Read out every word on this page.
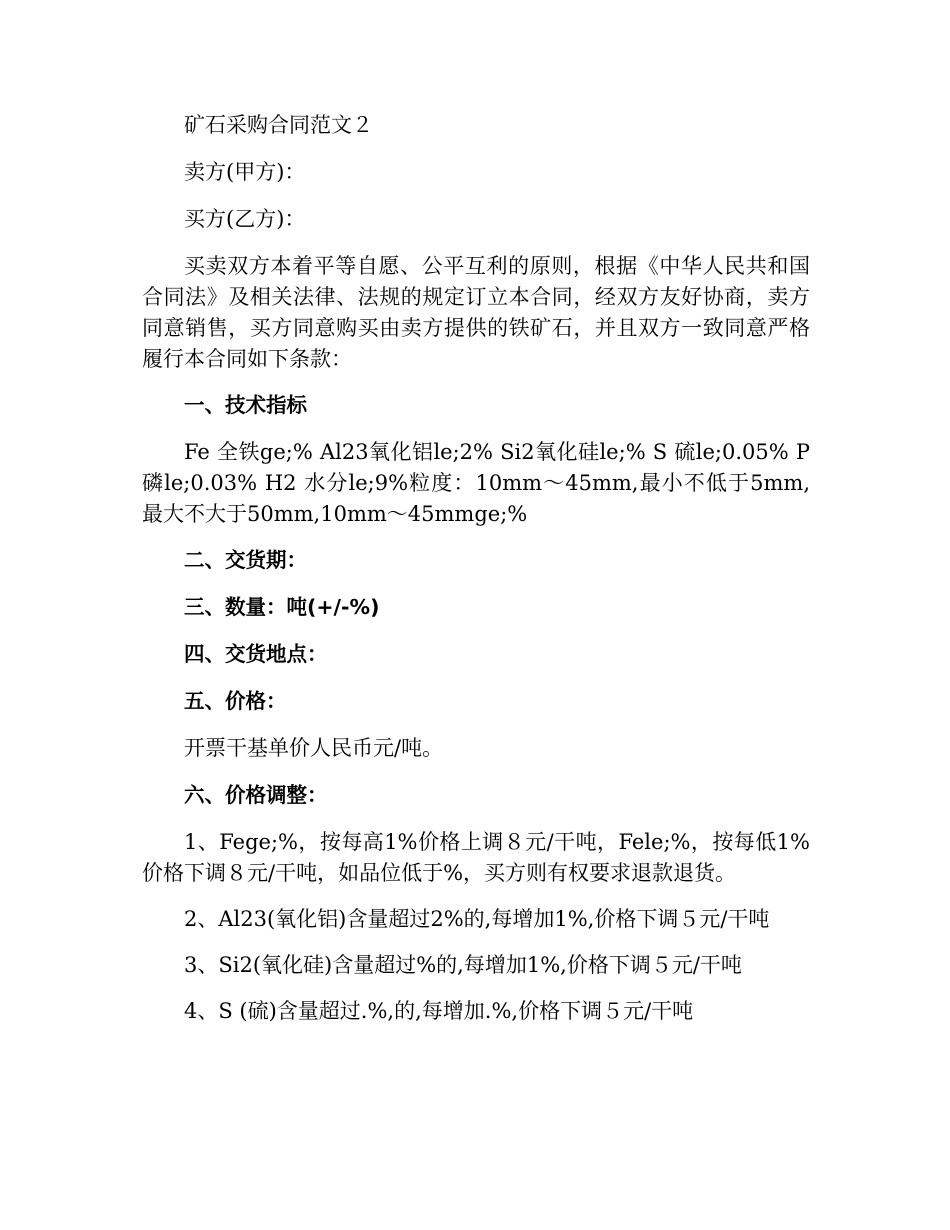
矿石采购合同范文２

卖方(甲方)：

买方(乙方)：

买卖双方本着平等自愿、公平互利的原则，根据《中华人民共和国合同法》及相关法律、法规的规定订立本合同，经双方友好协商，卖方同意销售，买方同意购买由卖方提供的铁矿石，并且双方一致同意严格履行本合同如下条款：

一、技术指标

Fe 全铁ge;% Al23氧化铝le;2% Si2氧化硅le;% S 硫le;0.05% P 磷le;0.03% H2 水分le;9%粒度：10mm～45mm,最小不低于5mm,最大不大于50mm,10mm～45mmge;%

二、交货期：

三、数量：吨(+/-%)

四、交货地点：

五、价格：

开票干基单价人民币元/吨。

六、价格调整：

1、Fege;%，按每高1%价格上调８元/干吨，Fele;%，按每低1%价格下调８元/干吨，如品位低于%，买方则有权要求退款退货。

2、Al23(氧化铝)含量超过2%的,每增加1%,价格下调５元/干吨

3、Si2(氧化硅)含量超过%的,每增加1%,价格下调５元/干吨

4、S (硫)含量超过.%,的,每增加.%,价格下调５元/干吨
